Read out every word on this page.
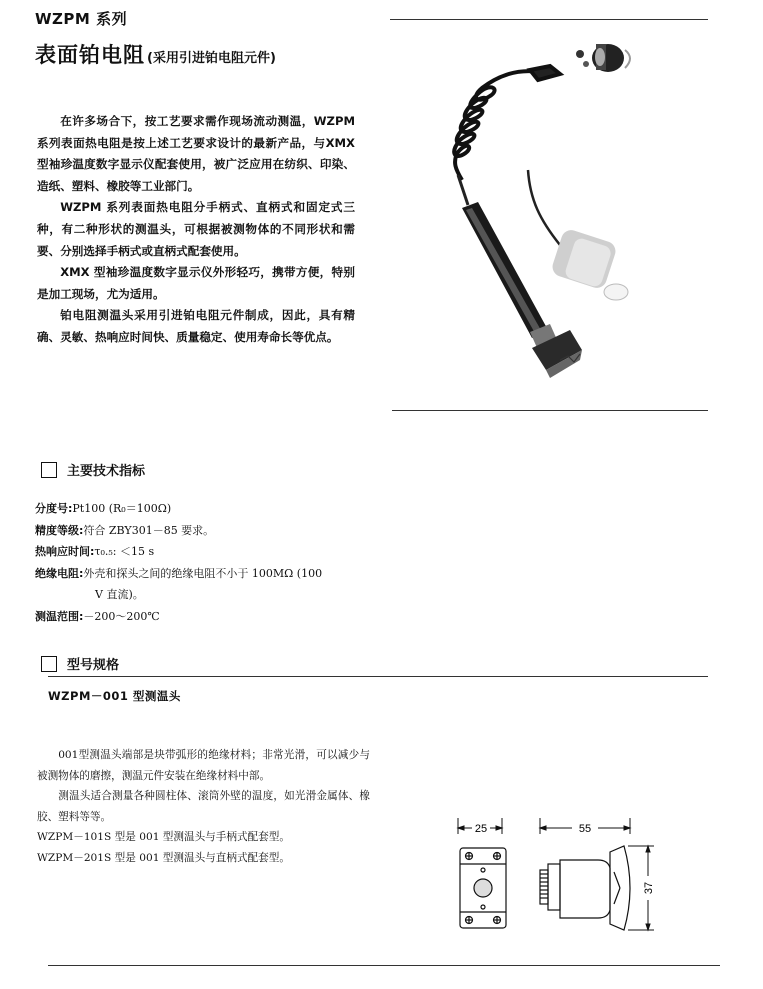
WZPM 系列
表面铂电阻 (采用引进铂电阻元件)

在许多场合下，按工艺要求需作现场流动测温，WZPM系列表面热电阻是按上述工艺要求设计的最新产品，与XMX型袖珍温度数字显示仪配套使用，被广泛应用在纺织、印染、造纸、塑料、橡胶等工业部门。

WZPM 系列表面热电阻分手柄式、直柄式和固定式三种，有二种形状的测温头，可根据被测物体的不同形状和需要、分别选择手柄式或直柄式配套使用。

XMX 型袖珍温度数字显示仪外形轻巧，携带方便，特别是加工现场，尤为适用。

铂电阻测温头采用引进铂电阻元件制成，因此，具有精确、灵敏、热响应时间快、质量稳定、使用寿命长等优点。

主要技术指标
分度号: Pt100 (R₀＝100Ω)
精度等级: 符合 ZBY301－85 要求。
热响应时间: τ₀.₅: ＜15 s
绝缘电阻: 外壳和探头之间的绝缘电阻不小于 100MΩ (100
V 直流)。
测温范围: －200～200℃
型号规格
WZPM－001 型测温头

001型测温头端部是块带弧形的绝缘材料；非常光滑，可以减少与被测物体的磨擦，测温元件安装在绝缘材料中部。

测温头适合测量各种圆柱体、滚筒外壁的温度，如光滑金属体、橡胶、塑料等等。

WZPM－101S 型是 001 型测温头与手柄式配套型。
WZPM－201S 型是 001 型测温头与直柄式配套型。
25	55
37
